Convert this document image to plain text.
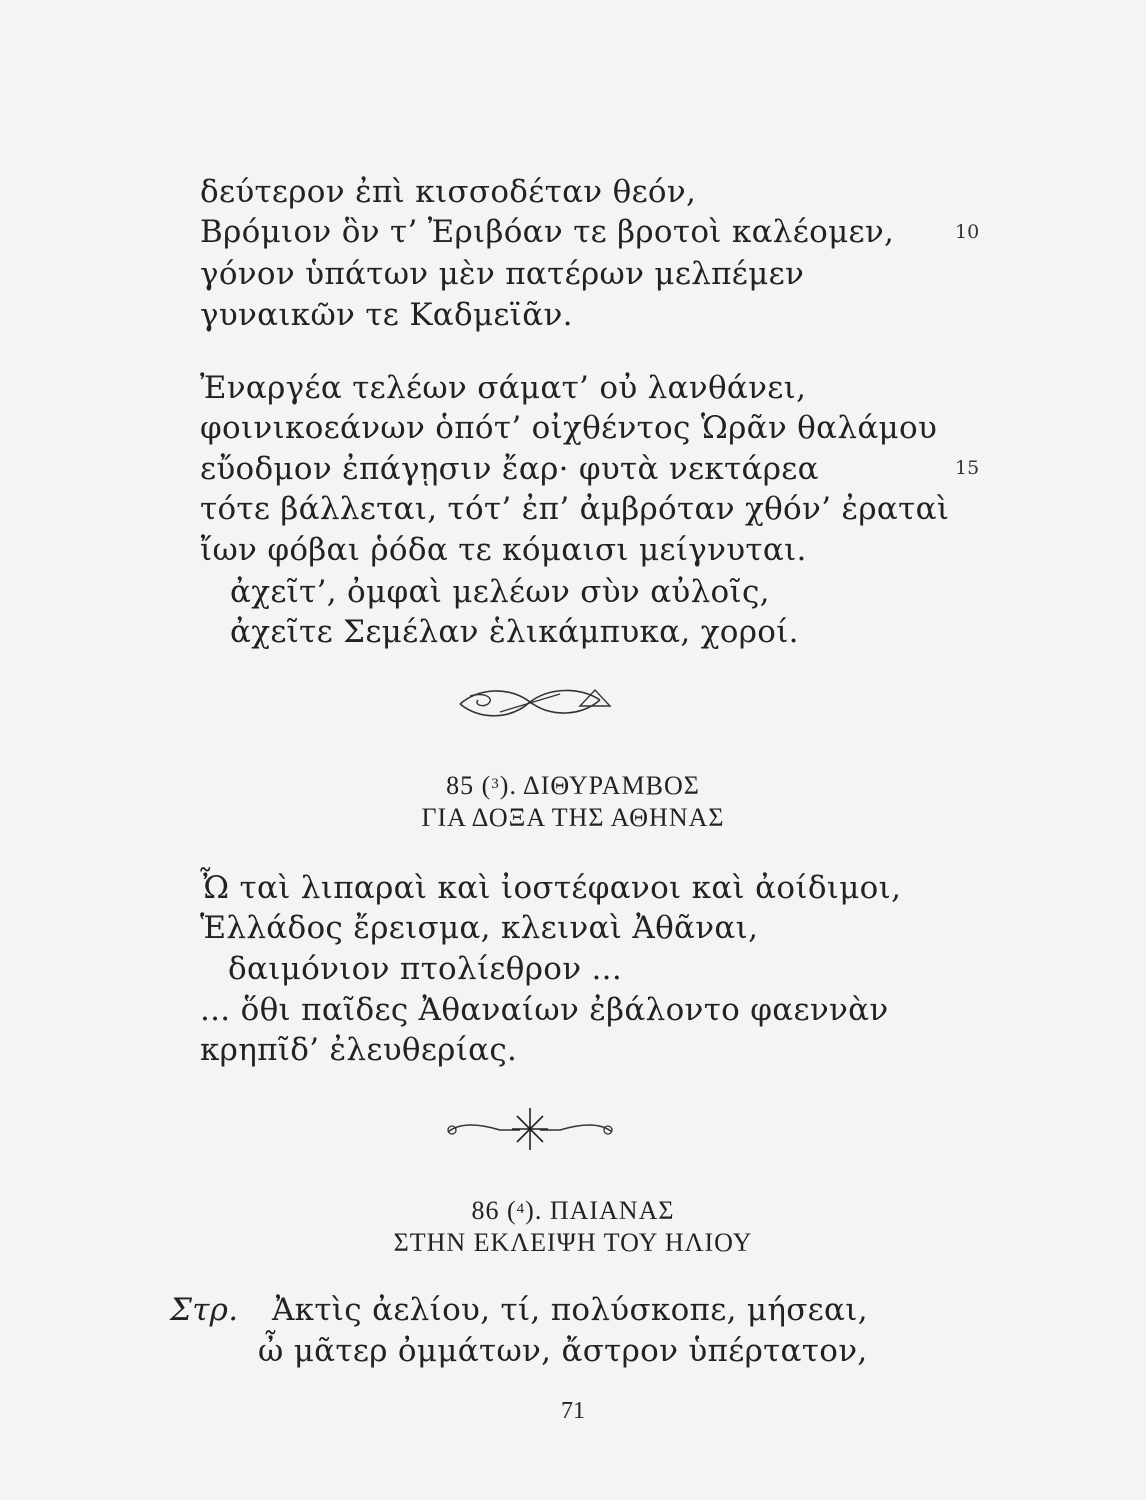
δεύτερον ἐπὶ κισσοδέταν θεόν,
Βρόμιον ὃν τ’ Ἐριβόαν τε βροτοὶ καλέομεν,	10
γόνον ὑπάτων μὲν πατέρων μελπέμεν
γυναικῶν τε Καδμεϊᾶν.
Ἐναργέα τελέων σάματ’ οὐ λανθάνει,
φοινικοεάνων ὁπότ’ οἰχθέντος Ὡρᾶν θαλάμου
εὔοδμον ἐπάγῃσιν ἔαρ· φυτὰ νεκτάρεα	15
τότε βάλλεται, τότ’ ἐπ’ ἀμβρόταν χθόν’ ἐραταὶ
ἴων φόβαι ῥόδα τε κόμαισι μείγνυται.
ἀχεῖτ’, ὀμφαὶ μελέων σὺν αὐλοῖς,
ἀχεῖτε Σεμέλαν ἑλικάμπυκα, χοροί.
85 ($^3$). ΔΙΘΥΡΑΜΒΟΣ
ΓΙΑ ΔΟΞΑ ΤΗΣ ΑΘΗΝΑΣ
Ὦ ταὶ λιπαραὶ καὶ ἰοστέφανοι καὶ ἀοίδιμοι,
Ἑλλάδος ἔρεισμα, κλειναὶ Ἀθᾶναι,
δαιμόνιον πτολίεθρον ...
... ὅθι παῖδες Ἀθαναίων ἐβάλοντο φαεννὰν
κρηπῖδ’ ἐλευθερίας.
86 ($^4$). ΠΑΙΑΝΑΣ
ΣΤΗΝ ΕΚΛΕΙΨΗ ΤΟΥ ΗΛΙΟΥ
Στρ. Ἀκτὶς ἀελίου, τί, πολύσκοπε, μήσεαι,
ὦ μᾶτερ ὀμμάτων, ἄστρον ὑπέρτατον,
71
